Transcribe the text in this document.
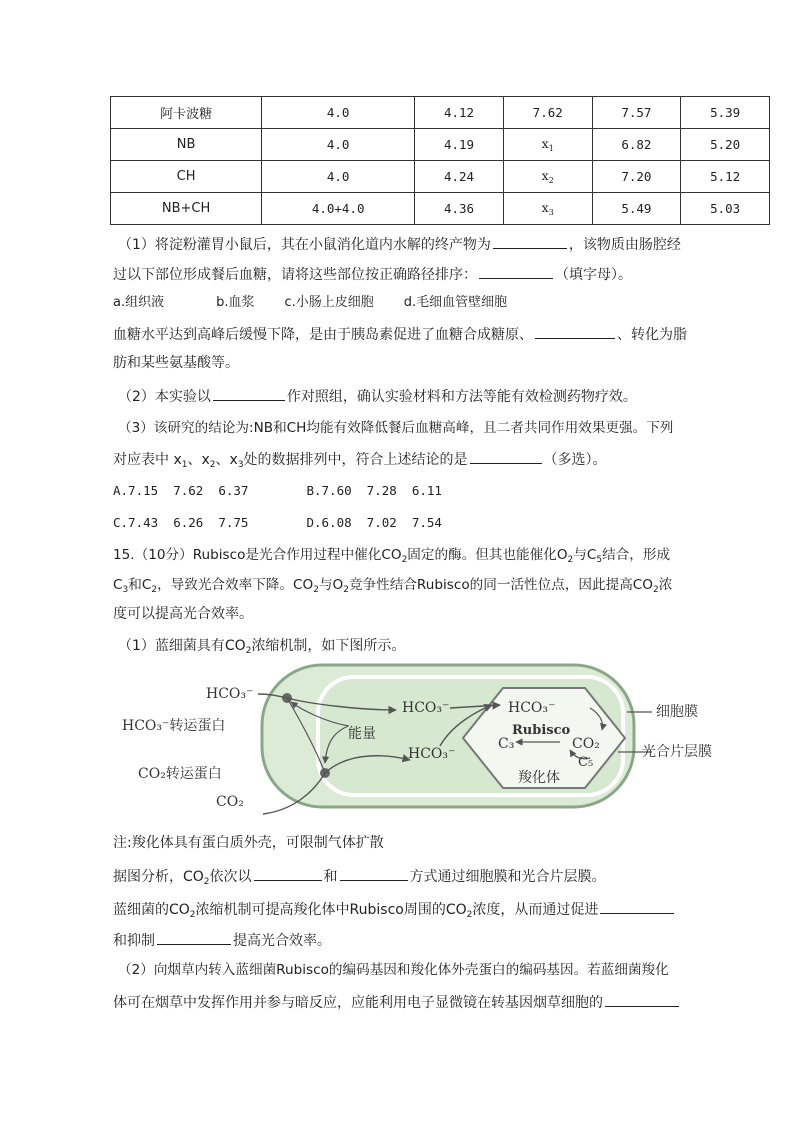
阿卡波糖	4.0	4.12	7.62	7.57	5.39
NB	4.0	4.19	$x_1$	6.82	5.20
CH	4.0	4.24	$x_2$	7.20	5.12
NB+CH	4.0+4.0	4.36	$x_3$	5.49	5.03
（1）将淀粉灌胃小鼠后，其在小鼠消化道内水解的终产物为	，该物质由肠腔经
过以下部位形成餐后血糖，请将这些部位按正确路径排序：	（填字母）。
a.组织液	b.血浆 c.小肠上皮细胞 d.毛细血管壁细胞
血糖水平达到高峰后缓慢下降，是由于胰岛素促进了血糖合成糖原、	、转化为脂
肪和某些氨基酸等。
（2）本实验以	作对照组，确认实验材料和方法等能有效检测药物疗效。
（3）该研究的结论为:NB和CH均能有效降低餐后血糖高峰，且二者共同作用效果更强。下列
对应表中 $x_1$、$x_2$、$x_3$处的数据排列中，符合上述结论的是	（多选）。
A.7.15  7.62  6.37	B.7.60  7.28  6.11
C.7.43  6.26  7.75	D.6.08  7.02  7.54
15.（10分）Rubisco是光合作用过程中催化$CO_2$固定的酶。但其也能催化$O_2$与$C_5$结合，形成
$C_3$和$C_2$，导致光合效率下降。$CO_2$与$O_2$竞争性结合Rubisco的同一活性位点，因此提高$CO_2$浓
度可以提高光合效率。
（1）蓝细菌具有$CO_2$浓缩机制，如下图所示。
HCO₃⁻
HCO₃⁻转运蛋白
CO₂转运蛋白
CO₂
能量
HCO₃⁻
HCO₃⁻
HCO₃⁻
Rubisco
C₃	CO₂
C₅
羧化体
细胞膜
光合片层膜
注:羧化体具有蛋白质外壳，可限制气体扩散
据图分析，$CO_2$依次以	和	方式通过细胞膜和光合片层膜。
蓝细菌的$CO_2$浓缩机制可提高羧化体中Rubisco周围的$CO_2$浓度，从而通过促进
和抑制	提高光合效率。
（2）向烟草内转入蓝细菌Rubisco的编码基因和羧化体外壳蛋白的编码基因。若蓝细菌羧化
体可在烟草中发挥作用并参与暗反应，应能利用电子显微镜在转基因烟草细胞的
